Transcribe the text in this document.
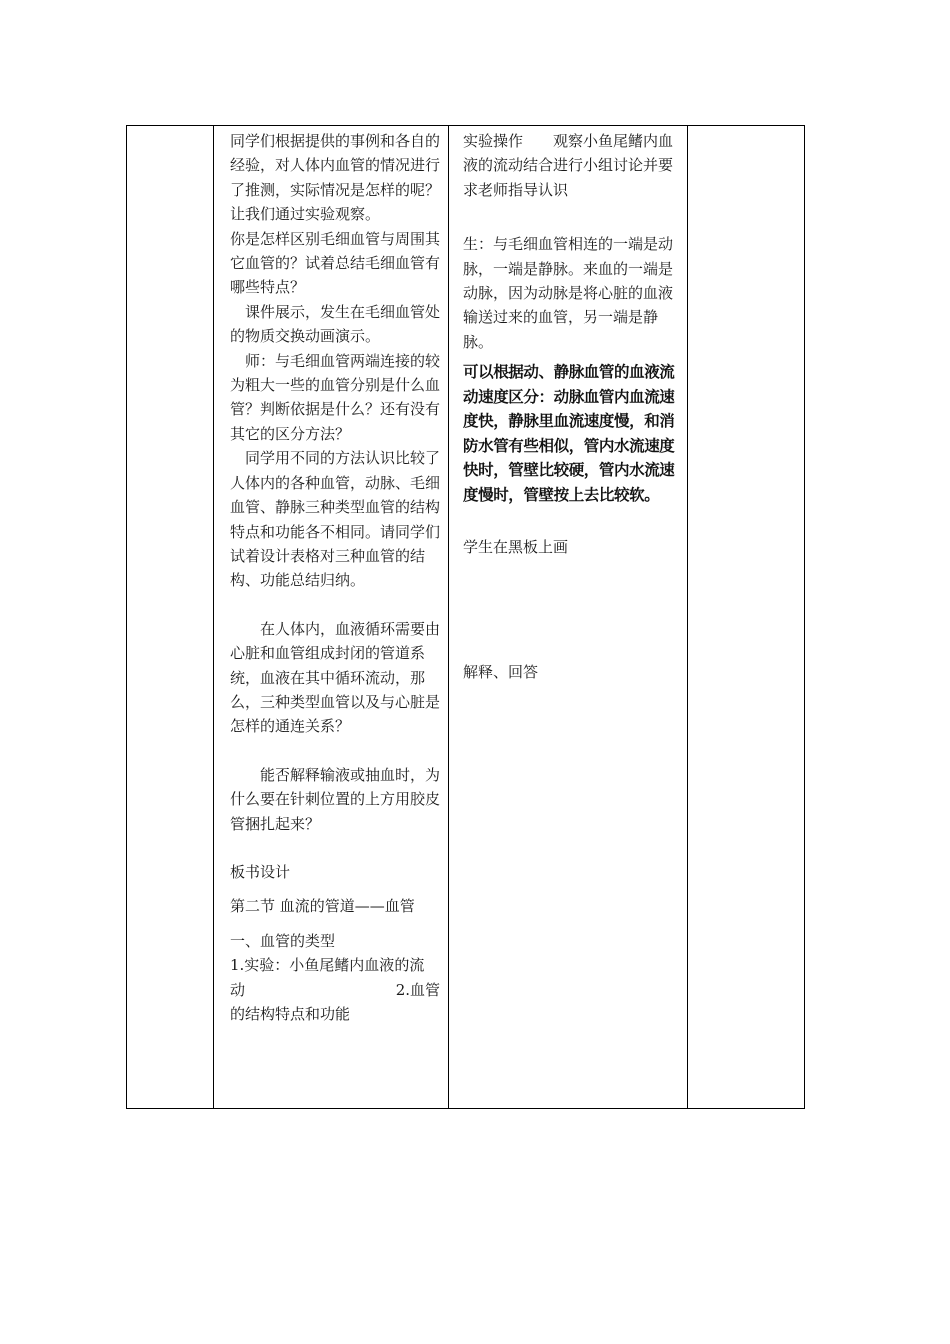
同学们根据提供的事例和各自的经验，对人体内血管的情况进行了推测，实际情况是怎样的呢？让我们通过实验观察。

你是怎样区别毛细血管与周围其它血管的？试着总结毛细血管有哪些特点？

课件展示，发生在毛细血管处的物质交换动画演示。

师：与毛细血管两端连接的较为粗大一些的血管分别是什么血管？判断依据是什么？还有没有其它的区分方法？

同学用不同的方法认识比较了人体内的各种血管，动脉、毛细血管、静脉三种类型血管的结构特点和功能各不相同。请同学们试着设计表格对三种血管的结构、功能总结归纳。

在人体内，血液循环需要由心脏和血管组成封闭的管道系统，血液在其中循环流动，那么，三种类型血管以及与心脏是怎样的通连关系？

能否解释输液或抽血时，为什么要在针刺位置的上方用胶皮管捆扎起来？

板书设计

第二节 血流的管道——血管

一、血管的类型

1.实验：小鱼尾鳍内血液的流

动	2.血管

的结构特点和功能

实验操作　　观察小鱼尾鳍内血液的流动结合进行小组讨论并要求老师指导认识

生：与毛细血管相连的一端是动脉，一端是静脉。来血的一端是动脉，因为动脉是将心脏的血液输送过来的血管，另一端是静脉。

可以根据动、静脉血管的血液流动速度区分：动脉血管内血流速度快，静脉里血流速度慢，和消防水管有些相似，管内水流速度快时，管壁比较硬，管内水流速度慢时，管壁按上去比较软。

学生在黑板上画

解释、回答
